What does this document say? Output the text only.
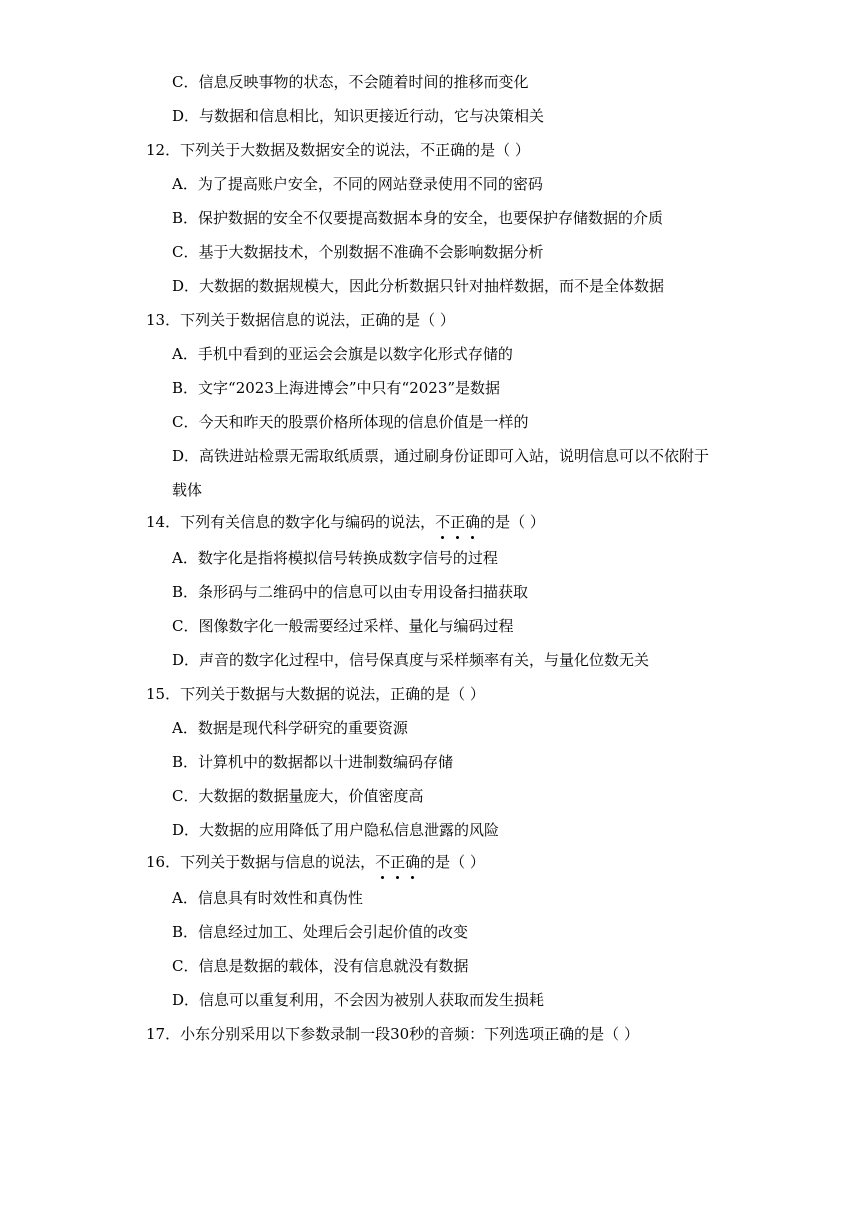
C．信息反映事物的状态，不会随着时间的推移而变化
D．与数据和信息相比，知识更接近行动，它与决策相关
12．下列关于大数据及数据安全的说法，不正确的是（ ）
A．为了提高账户安全，不同的网站登录使用不同的密码
B．保护数据的安全不仅要提高数据本身的安全，也要保护存储数据的介质
C．基于大数据技术，个别数据不准确不会影响数据分析
D．大数据的数据规模大，因此分析数据只针对抽样数据，而不是全体数据
13．下列关于数据信息的说法，正确的是（ ）
A．手机中看到的亚运会会旗是以数字化形式存储的
B．文字“2023上海进博会”中只有“2023”是数据
C．今天和昨天的股票价格所体现的信息价值是一样的
D．高铁进站检票无需取纸质票，通过刷身份证即可入站，说明信息可以不依附于
载体
14．下列有关信息的数字化与编码的说法，不正确的是（ ）
A．数字化是指将模拟信号转换成数字信号的过程
B．条形码与二维码中的信息可以由专用设备扫描获取
C．图像数字化一般需要经过采样、量化与编码过程
D．声音的数字化过程中，信号保真度与采样频率有关，与量化位数无关
15．下列关于数据与大数据的说法，正确的是（ ）
A．数据是现代科学研究的重要资源
B．计算机中的数据都以十进制数编码存储
C．大数据的数据量庞大，价值密度高
D．大数据的应用降低了用户隐私信息泄露的风险
16．下列关于数据与信息的说法，不正确的是（ ）
A．信息具有时效性和真伪性
B．信息经过加工、处理后会引起价值的改变
C．信息是数据的载体，没有信息就没有数据
D．信息可以重复利用，不会因为被别人获取而发生损耗
17．小东分别采用以下参数录制一段30秒的音频：下列选项正确的是（ ）
